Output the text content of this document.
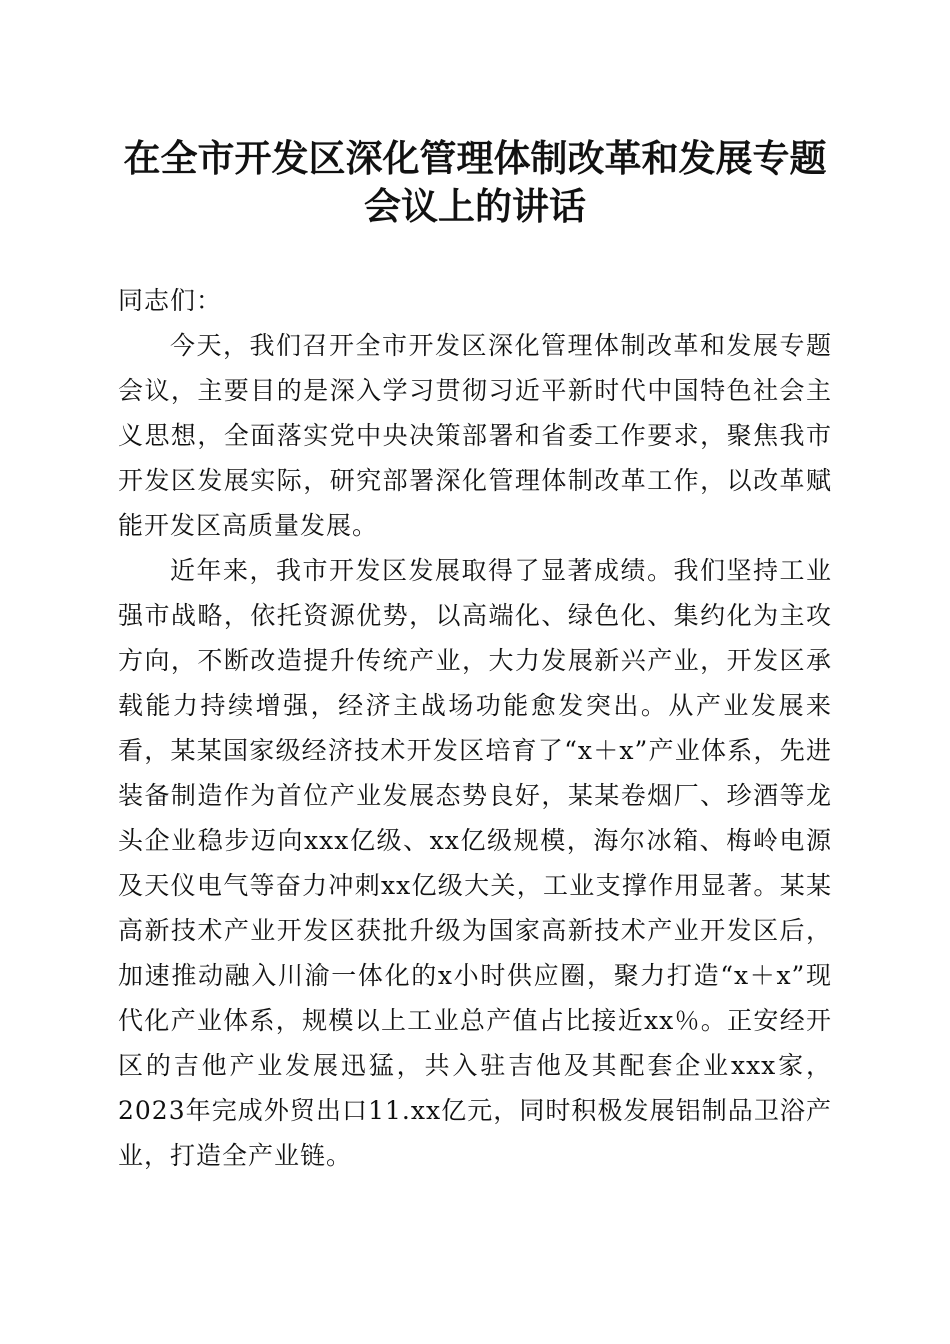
在全市开发区深化管理体制改革和发展专题会议上的讲话

同志们：

今天，我们召开全市开发区深化管理体制改革和发展专题会议，主要目的是深入学习贯彻习近平新时代中国特色社会主义思想，全面落实党中央决策部署和省委工作要求，聚焦我市开发区发展实际，研究部署深化管理体制改革工作，以改革赋能开发区高质量发展。

近年来，我市开发区发展取得了显著成绩。我们坚持工业强市战略，依托资源优势，以高端化、绿色化、集约化为主攻方向，不断改造提升传统产业，大力发展新兴产业，开发区承载能力持续增强，经济主战场功能愈发突出。从产业发展来看，某某国家级经济技术开发区培育了“x＋x”产业体系，先进装备制造作为首位产业发展态势良好，某某卷烟厂、珍酒等龙头企业稳步迈向xxx亿级、xx亿级规模，海尔冰箱、梅岭电源及天仪电气等奋力冲刺xx亿级大关，工业支撑作用显著。某某高新技术产业开发区获批升级为国家高新技术产业开发区后，加速推动融入川渝一体化的x小时供应圈，聚力打造“x＋x”现代化产业体系，规模以上工业总产值占比接近xx％。正安经开区的吉他产业发展迅猛，共入驻吉他及其配套企业xxx家，2023年完成外贸出口11.xx亿元，同时积极发展铝制品卫浴产业，打造全产业链。
